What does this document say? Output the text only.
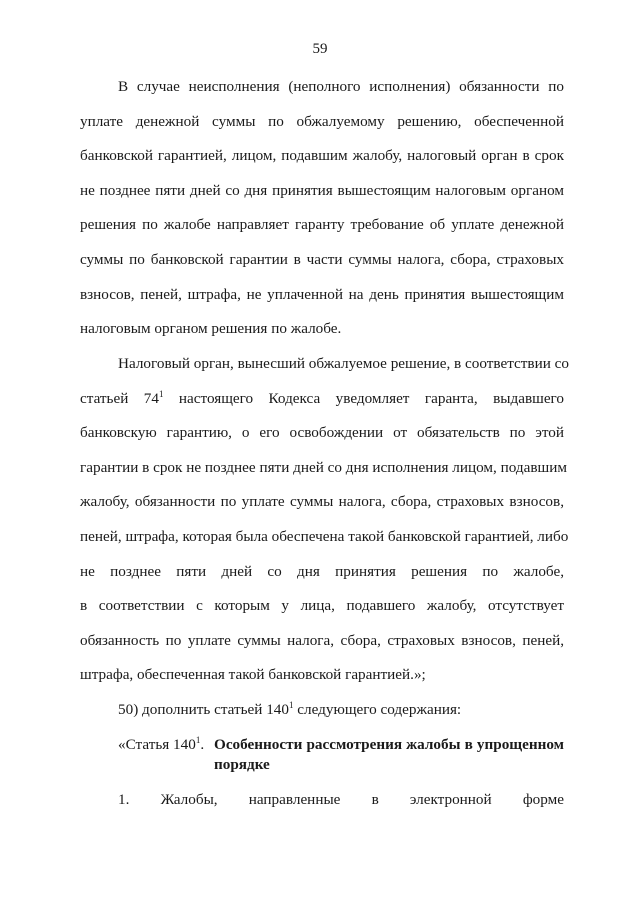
59
В случае неисполнения (неполного исполнения) обязанности по
уплате денежной суммы по обжалуемому решению, обеспеченной
банковской гарантией, лицом, подавшим жалобу, налоговый орган в срок
не позднее пяти дней со дня принятия вышестоящим налоговым органом
решения по жалобе направляет гаранту требование об уплате денежной
суммы по банковской гарантии в части суммы налога, сбора, страховых
взносов, пеней, штрафа, не уплаченной на день принятия вышестоящим
налоговым органом решения по жалобе.
Налоговый орган, вынесший обжалуемое решение, в соответствии со
статьей $74^1$ настоящего Кодекса уведомляет гаранта, выдавшего
банковскую гарантию, о его освобождении от обязательств по этой
гарантии в срок не позднее пяти дней со дня исполнения лицом, подавшим
жалобу, обязанности по уплате суммы налога, сбора, страховых взносов,
пеней, штрафа, которая была обеспечена такой банковской гарантией, либо
не позднее пяти дней со дня принятия решения по жалобе,
в соответствии с которым у лица, подавшего жалобу, отсутствует
обязанность по уплате суммы налога, сбора, страховых взносов, пеней,
штрафа, обеспеченная такой банковской гарантией.»;
50) дополнить статьей $140^1$ следующего содержания:
«Статья $140^1$. Особенности рассмотрения жалобы в упрощенном
порядке
1. Жалобы, направленные в электронной форме
